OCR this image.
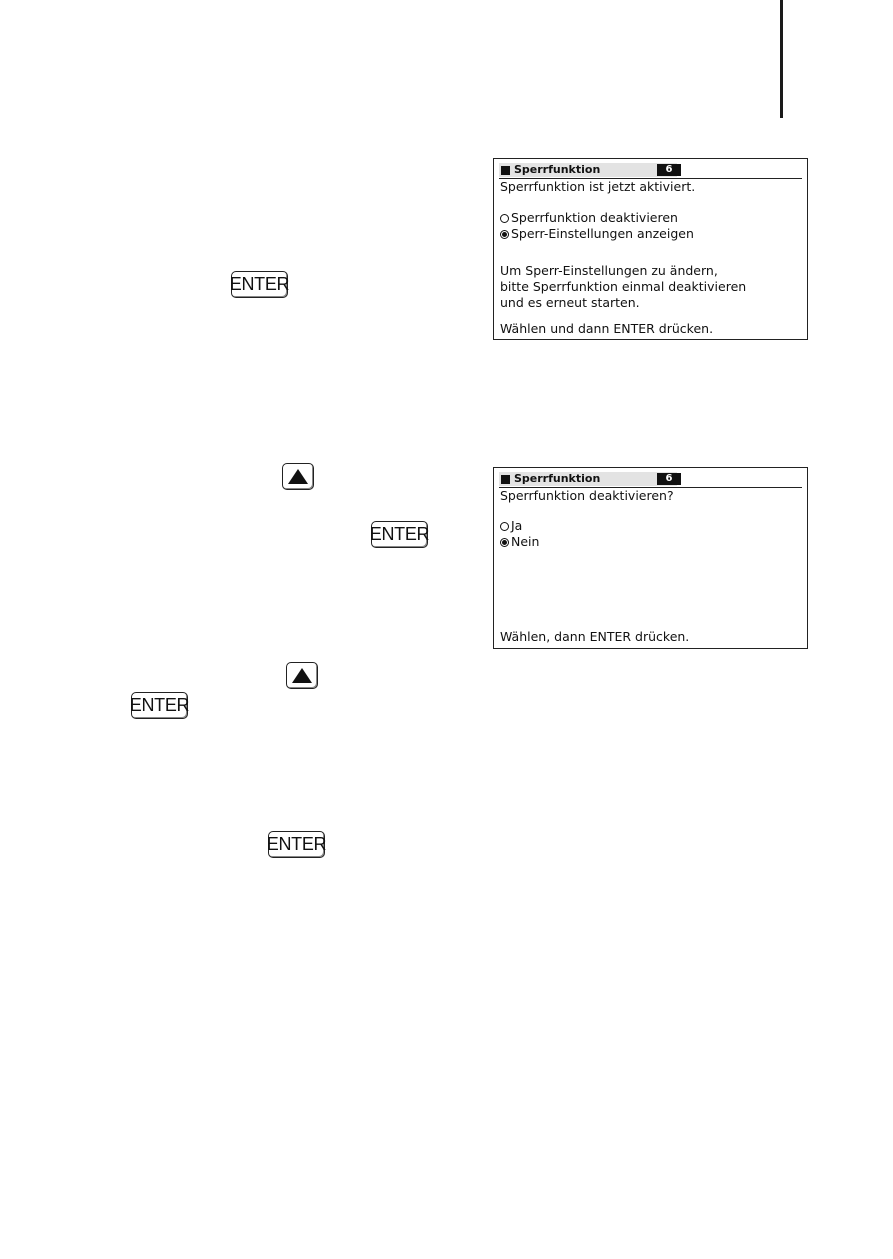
ENTER
ENTER
ENTER
ENTER
Sperrfunktion	6
Sperrfunktion ist jetzt aktiviert.
Sperrfunktion deaktivieren
Sperr-Einstellungen anzeigen
Um Sperr-Einstellungen zu ändern,
bitte Sperrfunktion einmal deaktivieren
und es erneut starten.
Wählen und dann ENTER drücken.
Sperrfunktion	6
Sperrfunktion deaktivieren?
Ja
Nein
Wählen, dann ENTER drücken.
